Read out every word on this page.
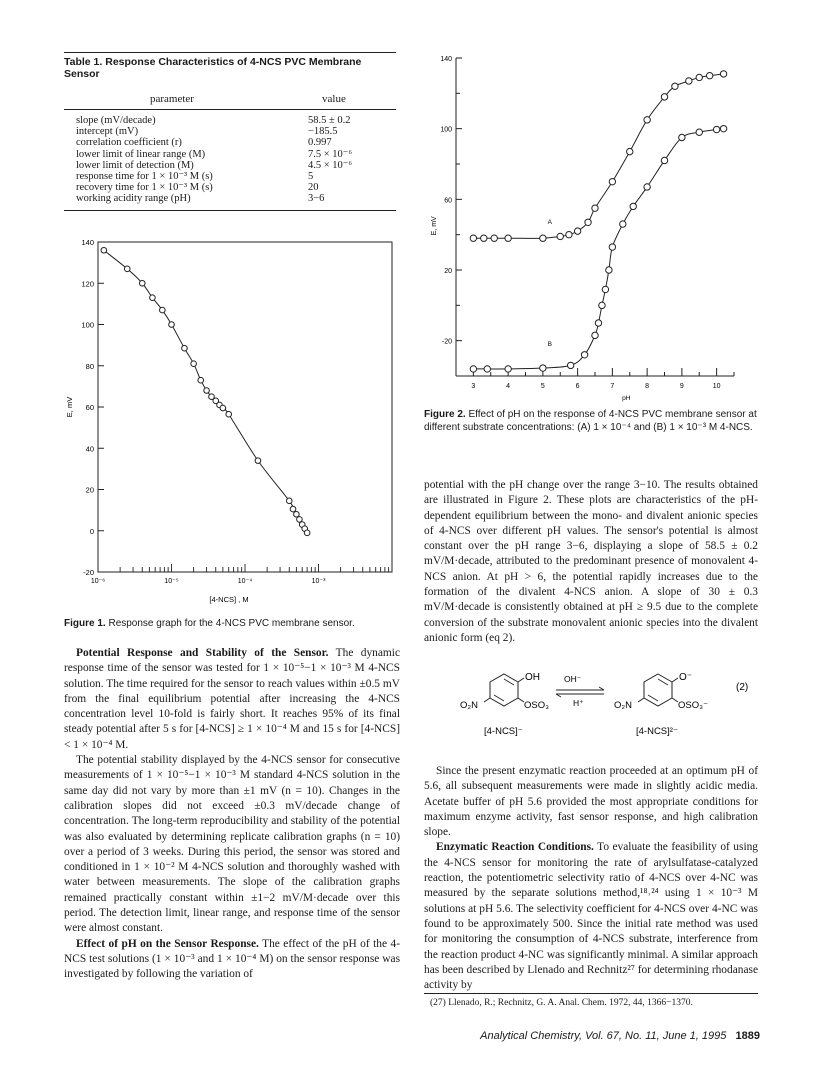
Table 1. Response Characteristics of 4-NCS PVC Membrane Sensor
parameter	value
slope (mV/decade)	58.5 ± 0.2
intercept (mV)	−185.5
correlation coefficient (r)	0.997
lower limit of linear range (M)	7.5 × 10⁻⁶
lower limit of detection (M)	4.5 × 10⁻⁶
response time for 1 × 10⁻³ M (s)	5
recovery time for 1 × 10⁻³ M (s)	20
working acidity range (pH)	3−6
140
120
100
80
60
40
20
0
-20
10⁻⁶	10⁻⁵	10⁻⁴	10⁻³
[4-NCS] , M
E, mV
Figure 1. Response graph for the 4-NCS PVC membrane sensor.

Potential Response and Stability of the Sensor. The dynamic response time of the sensor was tested for 1 × 10⁻⁵−1 × 10⁻³ M 4-NCS solution. The time required for the sensor to reach values within ±0.5 mV from the final equilibrium potential after increasing the 4-NCS concentration level 10-fold is fairly short. It reaches 95% of its final steady potential after 5 s for [4-NCS] ≥ 1 × 10⁻⁴ M and 15 s for [4-NCS] < 1 × 10⁻⁴ M.

The potential stability displayed by the 4-NCS sensor for consecutive measurements of 1 × 10⁻⁵−1 × 10⁻³ M standard 4-NCS solution in the same day did not vary by more than ±1 mV (n = 10). Changes in the calibration slopes did not exceed ±0.3 mV/decade change of concentration. The long-term reproducibility and stability of the potential was also evaluated by determining replicate calibration graphs (n = 10) over a period of 3 weeks. During this period, the sensor was stored and conditioned in 1 × 10⁻² M 4-NCS solution and thoroughly washed with water between measurements. The slope of the calibration graphs remained practically constant within ±1−2 mV/M·decade over this period. The detection limit, linear range, and response time of the sensor were almost constant.

Effect of pH on the Sensor Response. The effect of the pH of the 4-NCS test solutions (1 × 10⁻³ and 1 × 10⁻⁴ M) on the sensor response was investigated by following the variation of

140
100
60
20
-20
3	4	5	6	7	8	9	10
pH
E, mV	A
B
Figure 2. Effect of pH on the response of 4-NCS PVC membrane sensor at different substrate concentrations: (A) 1 × 10⁻⁴ and (B) 1 × 10⁻³ M 4-NCS.

potential with the pH change over the range 3−10. The results obtained are illustrated in Figure 2. These plots are characteristics of the pH-dependent equilibrium between the mono- and divalent anionic species of 4-NCS over different pH values. The sensor's potential is almost constant over the pH range 3−6, displaying a slope of 58.5 ± 0.2 mV/M·decade, attributed to the predominant presence of monovalent 4-NCS anion. At pH > 6, the potential rapidly increases due to the formation of the divalent 4-NCS anion. A slope of 30 ± 0.3 mV/M·decade is consistently obtained at pH ≥ 9.5 due to the complete conversion of the substrate monovalent anionic species into the divalent anionic form (eq 2).

OH
OSO₃
O₂N
[4-NCS]⁻
OH⁻
H⁺
O⁻
OSO₃⁻
O₂N
[4-NCS]²⁻
(2)

Since the present enzymatic reaction proceeded at an optimum pH of 5.6, all subsequent measurements were made in slightly acidic media. Acetate buffer of pH 5.6 provided the most appropriate conditions for maximum enzyme activity, fast sensor response, and high calibration slope.

Enzymatic Reaction Conditions. To evaluate the feasibility of using the 4-NCS sensor for monitoring the rate of arylsulfatase-catalyzed reaction, the potentiometric selectivity ratio of 4-NCS over 4-NC was measured by the separate solutions method,¹⁸˒²⁴ using 1 × 10⁻³ M solutions at pH 5.6. The selectivity coefficient for 4-NCS over 4-NC was found to be approximately 500. Since the initial rate method was used for monitoring the consumption of 4-NCS substrate, interference from the reaction product 4-NC was significantly minimal. A similar approach has been described by Llenado and Rechnitz²⁷ for determining rhodanase activity by

(27) Llenado, R.; Rechnitz, G. A. Anal. Chem. 1972, 44, 1366−1370.
Analytical Chemistry, Vol. 67, No. 11, June 1, 1995 1889
